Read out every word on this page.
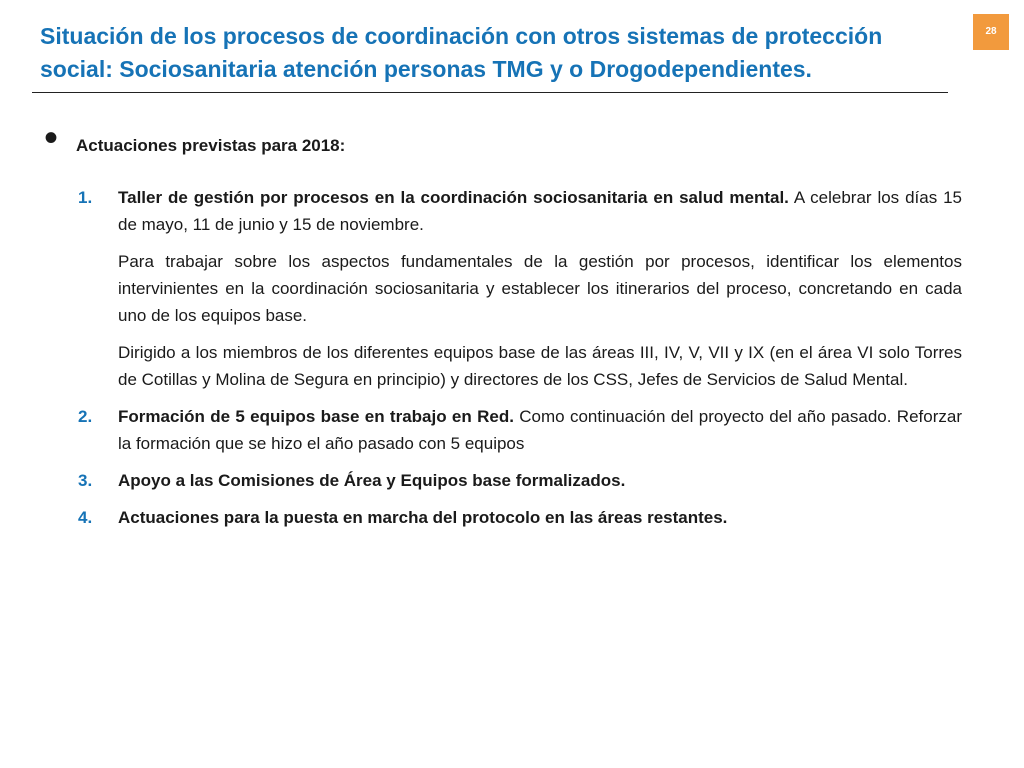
Situación de los procesos de coordinación con otros sistemas de protección
social: Sociosanitaria atención personas TMG y o Drogodependientes.
28
• Actuaciones previstas para 2018:
1. Taller de gestión por procesos en la coordinación sociosanitaria en salud mental. A celebrar los días 15 de mayo, 11 de junio y 15 de noviembre.
Para trabajar sobre los aspectos fundamentales de la gestión por procesos, identificar los elementos intervinientes en la coordinación sociosanitaria y establecer los itinerarios del proceso, concretando en cada uno de los equipos base.
Dirigido a los miembros de los diferentes equipos base de las áreas III, IV, V, VII y IX (en el área VI solo Torres de Cotillas y Molina de Segura en principio) y directores de los CSS, Jefes de Servicios de Salud Mental.
2. Formación de 5 equipos base en trabajo en Red. Como continuación del proyecto del año pasado. Reforzar la formación que se hizo el año pasado con 5 equipos
3. Apoyo a las Comisiones de Área y Equipos base formalizados.
4. Actuaciones para la puesta en marcha del protocolo en las áreas restantes.
